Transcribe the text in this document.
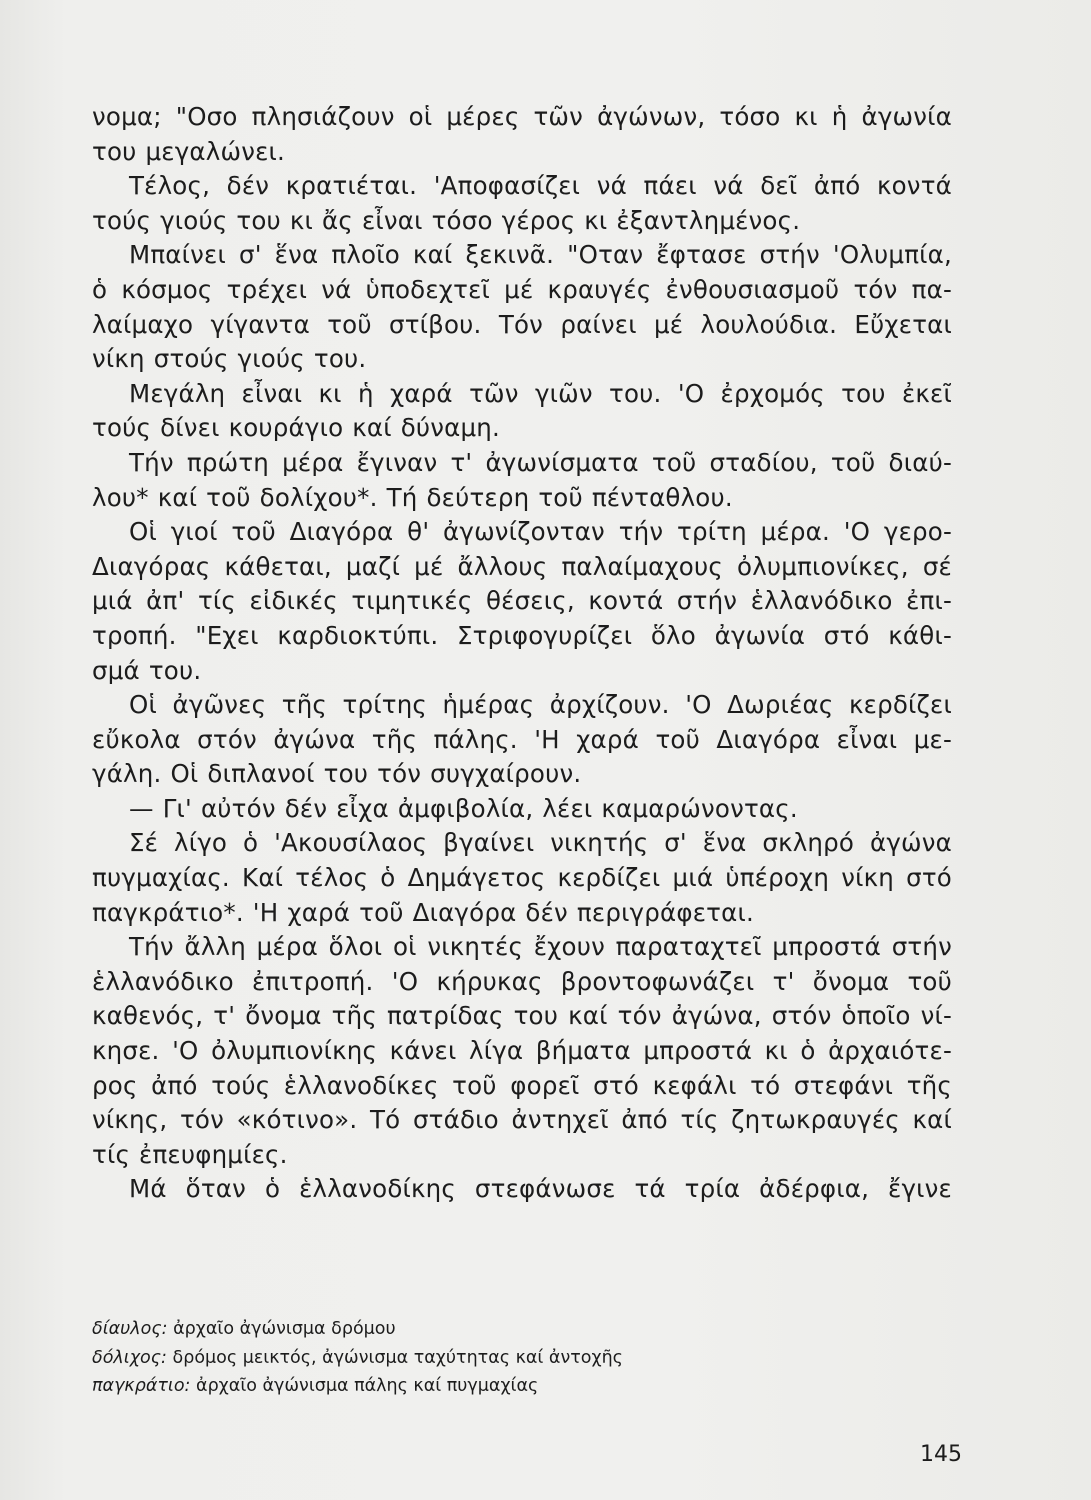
νομα; "Οσο πλησιάζουν οἱ μέρες τῶν ἀγώνων, τόσο κι ἡ ἀγωνία
του μεγαλώνει.
Τέλος, δέν κρατιέται. 'Αποφασίζει νά πάει νά δεῖ ἀπό κοντά
τούς γιούς του κι ἄς εἶναι τόσο γέρος κι ἐξαντλημένος.
Μπαίνει σ' ἕνα πλοῖο καί ξεκινᾶ. "Οταν ἔφτασε στήν 'Ολυμπία,
ὁ κόσμος τρέχει νά ὑποδεχτεῖ μέ κραυγές ἐνθουσιασμοῦ τόν πα-
λαίμαχο γίγαντα τοῦ στίβου. Τόν ραίνει μέ λουλούδια. Εὔχεται
νίκη στούς γιούς του.
Μεγάλη εἶναι κι ἡ χαρά τῶν γιῶν του. 'Ο ἐρχομός του ἐκεῖ
τούς δίνει κουράγιο καί δύναμη.
Τήν πρώτη μέρα ἔγιναν τ' ἀγωνίσματα τοῦ σταδίου, τοῦ διαύ-
λου* καί τοῦ δολίχου*. Τή δεύτερη τοῦ πένταθλου.
Οἱ γιοί τοῦ Διαγόρα θ' ἀγωνίζονταν τήν τρίτη μέρα. 'Ο γερο-
Διαγόρας κάθεται, μαζί μέ ἄλλους παλαίμαχους ὀλυμπιονίκες, σέ
μιά ἀπ' τίς εἰδικές τιμητικές θέσεις, κοντά στήν ἑλλανόδικο ἐπι-
τροπή. "Εχει καρδιοκτύπι. Στριφογυρίζει ὅλο ἀγωνία στό κάθι-
σμά του.
Οἱ ἀγῶνες τῆς τρίτης ἡμέρας ἀρχίζουν. 'Ο Δωριέας κερδίζει
εὔκολα στόν ἀγώνα τῆς πάλης. 'Η χαρά τοῦ Διαγόρα εἶναι με-
γάλη. Οἱ διπλανοί του τόν συγχαίρουν.
— Γι' αὐτόν δέν εἶχα ἀμφιβολία, λέει καμαρώνοντας.
Σέ λίγο ὁ 'Ακουσίλαος βγαίνει νικητής σ' ἕνα σκληρό ἀγώνα
πυγμαχίας. Καί τέλος ὁ Δημάγετος κερδίζει μιά ὑπέροχη νίκη στό
παγκράτιο*. 'Η χαρά τοῦ Διαγόρα δέν περιγράφεται.
Τήν ἄλλη μέρα ὅλοι οἱ νικητές ἔχουν παραταχτεῖ μπροστά στήν
ἑλλανόδικο ἐπιτροπή. 'Ο κήρυκας βροντοφωνάζει τ' ὄνομα τοῦ
καθενός, τ' ὄνομα τῆς πατρίδας του καί τόν ἀγώνα, στόν ὁποῖο νί-
κησε. 'Ο ὀλυμπιονίκης κάνει λίγα βήματα μπροστά κι ὁ ἀρχαιότε-
ρος ἀπό τούς ἑλλανοδίκες τοῦ φορεῖ στό κεφάλι τό στεφάνι τῆς
νίκης, τόν «κότινο». Τό στάδιο ἀντηχεῖ ἀπό τίς ζητωκραυγές καί
τίς ἐπευφημίες.
Μά ὅταν ὁ ἑλλανοδίκης στεφάνωσε τά τρία ἀδέρφια, ἔγινε
δίαυλος: ἀρχαῖο ἀγώνισμα δρόμου
δόλιχος: δρόμος μεικτός, ἀγώνισμα ταχύτητας καί ἀντοχῆς
παγκράτιο: ἀρχαῖο ἀγώνισμα πάλης καί πυγμαχίας
145
